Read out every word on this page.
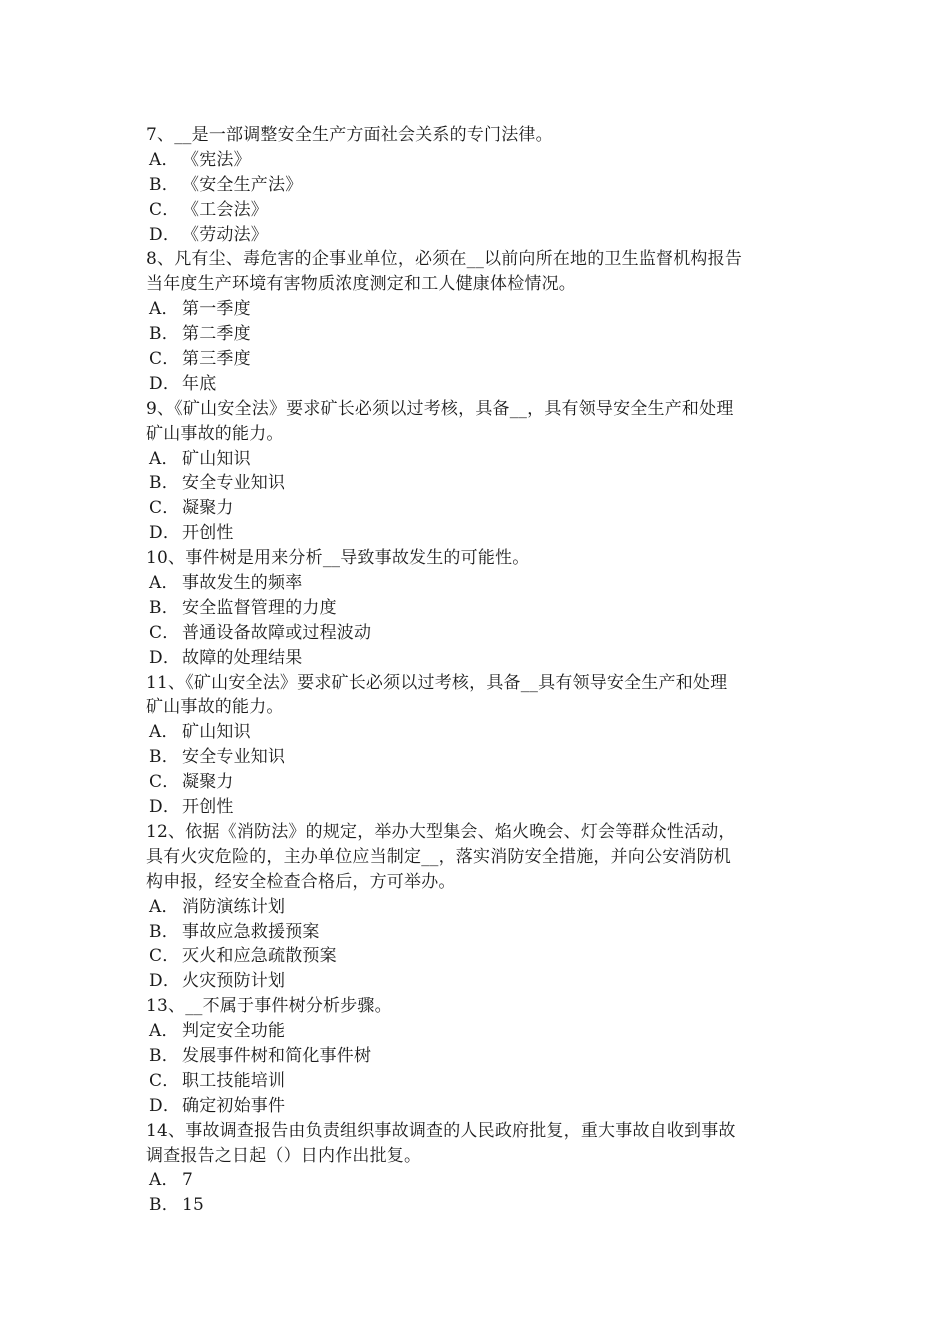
7、__是一部调整安全生产方面社会关系的专门法律。
A． 《宪法》
B． 《安全生产法》
C． 《工会法》
D． 《劳动法》
8、凡有尘、毒危害的企事业单位，必须在__以前向所在地的卫生监督机构报告
当年度生产环境有害物质浓度测定和工人健康体检情况。
A． 第一季度
B． 第二季度
C． 第三季度
D． 年底
9、《矿山安全法》要求矿长必须以过考核，具备__，具有领导安全生产和处理
矿山事故的能力。
A． 矿山知识
B． 安全专业知识
C． 凝聚力
D． 开创性
10、事件树是用来分析__导致事故发生的可能性。
A． 事故发生的频率
B． 安全监督管理的力度
C． 普通设备故障或过程波动
D． 故障的处理结果
11、《矿山安全法》要求矿长必须以过考核，具备__具有领导安全生产和处理
矿山事故的能力。
A． 矿山知识
B． 安全专业知识
C． 凝聚力
D． 开创性
12、依据《消防法》的规定，举办大型集会、焰火晚会、灯会等群众性活动，
具有火灾危险的，主办单位应当制定__，落实消防安全措施，并向公安消防机
构申报，经安全检查合格后，方可举办。
A． 消防演练计划
B． 事故应急救援预案
C． 灭火和应急疏散预案
D． 火灾预防计划
13、__不属于事件树分析步骤。
A． 判定安全功能
B． 发展事件树和简化事件树
C． 职工技能培训
D． 确定初始事件
14、事故调查报告由负责组织事故调查的人民政府批复，重大事故自收到事故
调查报告之日起（）日内作出批复。
A． 7
B． 15
